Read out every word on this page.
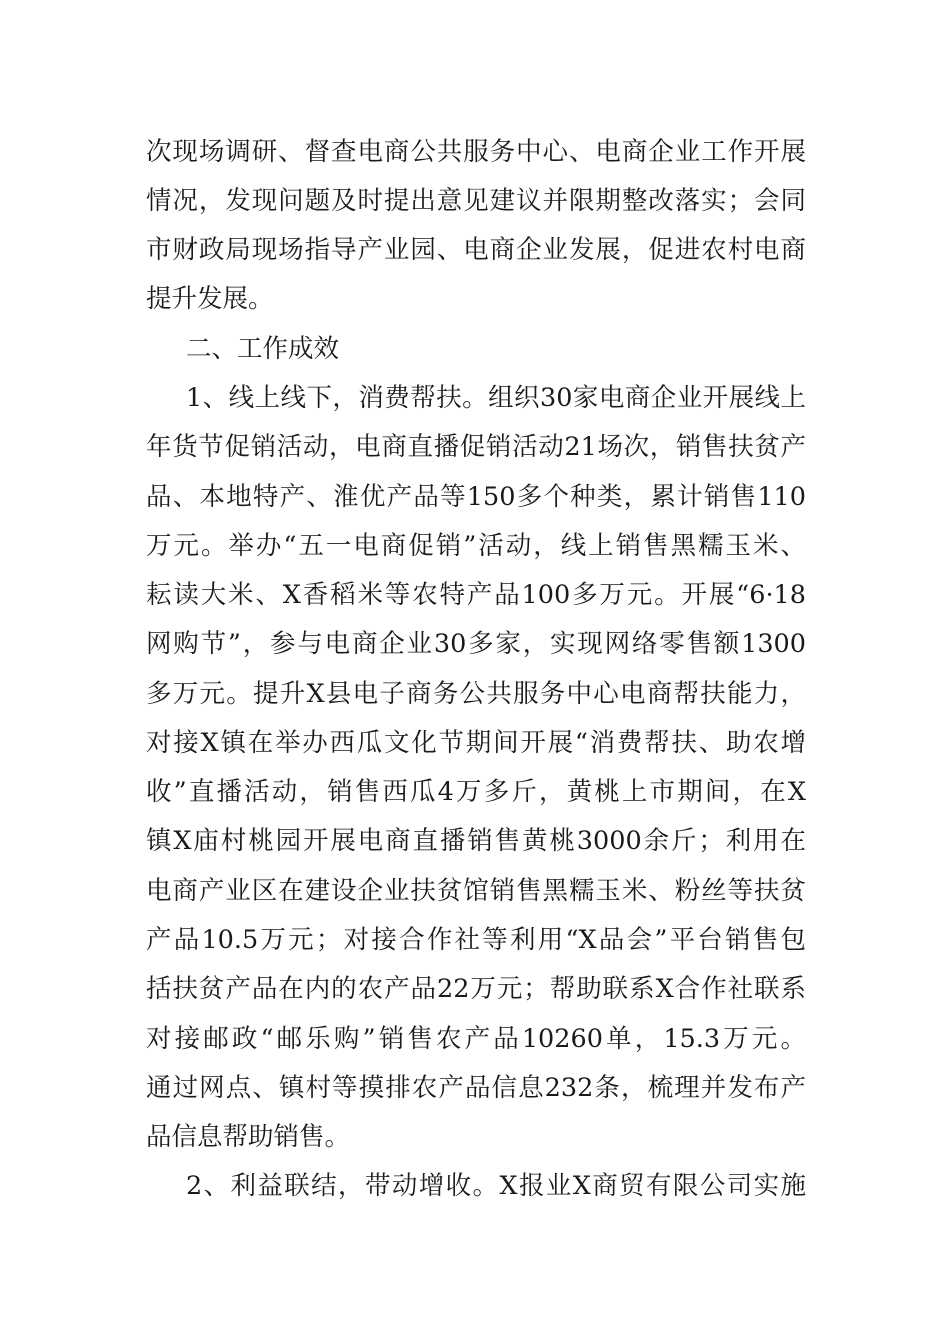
次现场调研、督查电商公共服务中心、电商企业工作开展
情况，发现问题及时提出意见建议并限期整改落实；会同
市财政局现场指导产业园、电商企业发展，促进农村电商
提升发展。
二、工作成效
1、线上线下，消费帮扶。组织30家电商企业开展线上
年货节促销活动，电商直播促销活动21场次，销售扶贫产
品、本地特产、淮优产品等150多个种类，累计销售110
万元。举办“五一电商促销”活动，线上销售黑糯玉米、
耘读大米、X香稻米等农特产品100多万元。开展“6·18
网购节”，参与电商企业30多家，实现网络零售额1300
多万元。提升X县电子商务公共服务中心电商帮扶能力，
对接X镇在举办西瓜文化节期间开展“消费帮扶、助农增
收”直播活动，销售西瓜4万多斤，黄桃上市期间，在X
镇X庙村桃园开展电商直播销售黄桃3000余斤；利用在
电商产业区在建设企业扶贫馆销售黑糯玉米、粉丝等扶贫
产品10.5万元；对接合作社等利用“X品会”平台销售包
括扶贫产品在内的农产品22万元；帮助联系X合作社联系
对接邮政“邮乐购”销售农产品10260单，15.3万元。
通过网点、镇村等摸排农产品信息232条，梳理并发布产
品信息帮助销售。
2、利益联结，带动增收。X报业X商贸有限公司实施
